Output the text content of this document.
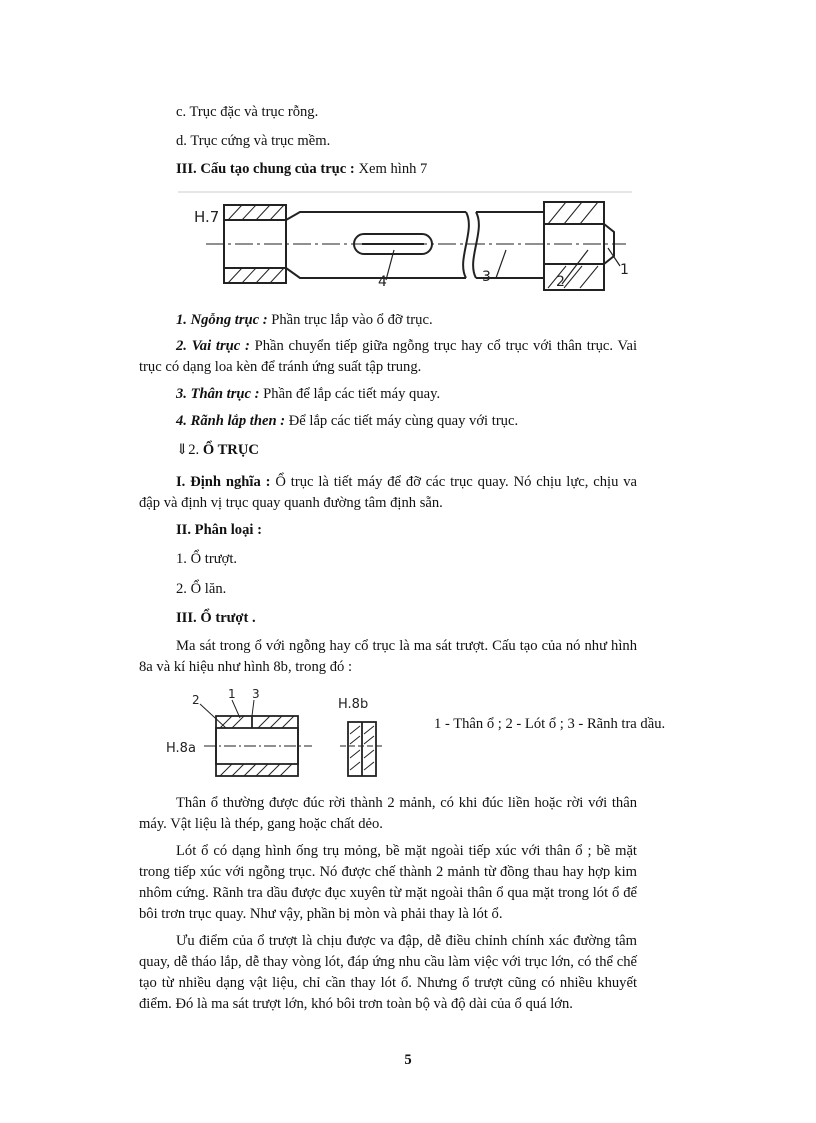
c. Trục đặc và trục rỗng.

d. Trục cứng và trục mềm.

III. Cấu tạo chung của trục : Xem hình 7

H.7
4	3	2
1

1. Ngỗng trục : Phần trục lắp vào ổ đỡ trục.

2. Vai trục : Phần chuyển tiếp giữa ngỗng trục hay cổ trục với thân trục. Vai trục có dạng loa kèn để tránh ứng suất tập trung.

3. Thân trục : Phần để lắp các tiết máy quay.

4. Rãnh lắp then : Để lắp các tiết máy cùng quay với trục.

⇓2. Ổ TRỤC

I. Định nghĩa : Ổ trục là tiết máy để đỡ các trục quay. Nó chịu lực, chịu va đập và định vị trục quay quanh đường tâm định sẵn.

II. Phân loại :

1. Ổ trượt.

2. Ổ lăn.

III. Ổ trượt .

Ma sát trong ổ với ngỗng hay cổ trục là ma sát trượt. Cấu tạo của nó như hình 8a và kí hiệu như hình 8b, trong đó :

2 1 3
H.8a
H.8b

1 - Thân ổ ; 2 - Lót ổ ; 3 - Rãnh tra dầu.

Thân ổ thường được đúc rời thành 2 mảnh, có khi đúc liền hoặc rời với thân máy. Vật liệu là thép, gang hoặc chất dẻo.

Lót ổ có dạng hình ống trụ mỏng, bề mặt ngoài tiếp xúc với thân ổ ; bề mặt trong tiếp xúc với ngỗng trục. Nó được chế thành 2 mảnh từ đồng thau hay hợp kim nhôm cứng. Rãnh tra dầu được đục xuyên từ mặt ngoài thân ổ qua mặt trong lót ổ để bôi trơn trục quay. Như vậy, phần bị mòn và phải thay là lót ổ.

Ưu điểm của ổ trượt là chịu được va đập, dễ điều chỉnh chính xác đường tâm quay, dễ tháo lắp, dễ thay vòng lót, đáp ứng nhu cầu làm việc với trục lớn, có thể chế tạo từ nhiều dạng vật liệu, chỉ cần thay lót ổ. Nhưng ổ trượt cũng có nhiều khuyết điểm. Đó là ma sát trượt lớn, khó bôi trơn toàn bộ và độ dài của ổ quá lớn.

5
